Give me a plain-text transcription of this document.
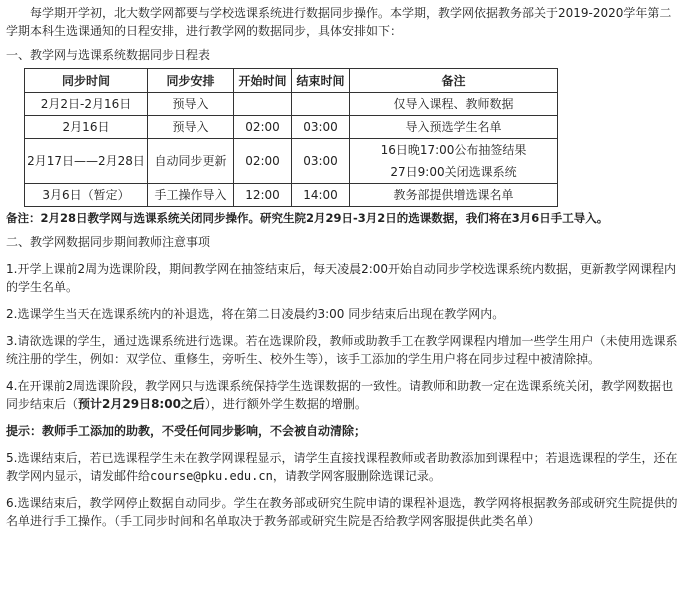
每学期开学初，北大数学网都要与学校选课系统进行数据同步操作。本学期，教学网依据教务部关于2019-2020学年第二学期本科生选课通知的日程安排，进行教学网的数据同步，具体安排如下：

一、教学网与选课系统数据同步日程表

同步时间	同步安排	开始时间	结束时间	备注
2月2日-2月16日	预导入			仅导入课程、教师数据
2月16日	预导入	02:00	03:00	导入预选学生名单
2月17日——2月28日	自动同步更新	02:00	03:00	16日晚17:00公布抽签结果
27日9:00关闭选课系统

3月6日（暂定）	手工操作导入	12:00	14:00	教务部提供增选课名单

备注：2月28日教学网与选课系统关闭同步操作。研究生院2月29日-3月2日的选课数据，我们将在3月6日手工导入。

二、教学网数据同步期间教师注意事项

1.开学上课前2周为选课阶段，期间教学网在抽签结束后，每天凌晨2:00开始自动同步学校选课系统内数据，更新教学网课程内的学生名单。

2.选课学生当天在选课系统内的补退选，将在第二日凌晨约3:00 同步结束后出现在教学网内。

3.请欲选课的学生，通过选课系统进行选课。若在选课阶段，教师或助教手工在教学网课程内增加一些学生用户（未使用选课系统注册的学生，例如：双学位、重修生，旁听生、校外生等），该手工添加的学生用户将在同步过程中被清除掉。

4.在开课前2周选课阶段，教学网只与选课系统保持学生选课数据的一致性。请教师和助教一定在选课系统关闭，教学网数据也同步结束后（预计2月29日8:00之后），进行额外学生数据的增删。

提示：教师手工添加的助教，不受任何同步影响，不会被自动清除；

5.选课结束后，若已选课程学生未在教学网课程显示，请学生直接找课程教师或者助教添加到课程中；若退选课程的学生，还在教学网内显示，请发邮件给course@pku.edu.cn，请教学网客服删除选课记录。

6.选课结束后，教学网停止数据自动同步。学生在教务部或研究生院申请的课程补退选，教学网将根据教务部或研究生院提供的名单进行手工操作。（手工同步时间和名单取决于教务部或研究生院是否给教学网客服提供此类名单）
